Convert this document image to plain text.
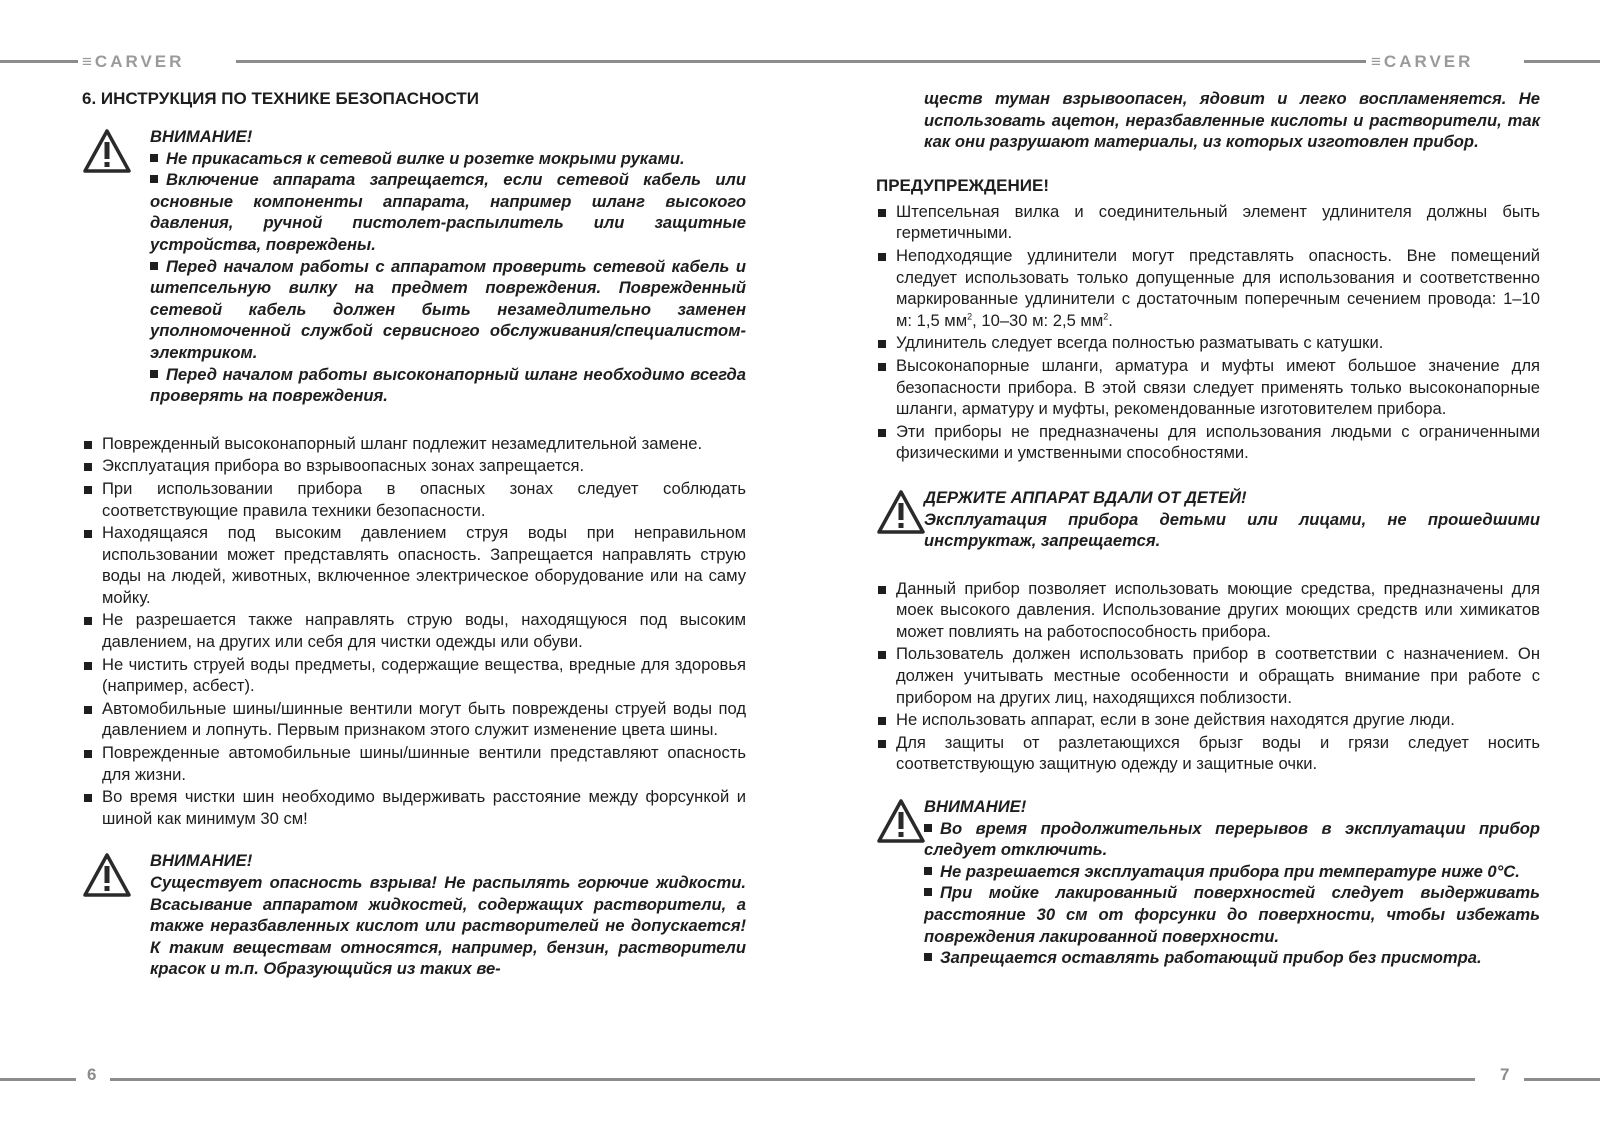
≡CARVER	≡CARVER
6	7
6. ИНСТРУКЦИЯ ПО ТЕХНИКЕ БЕЗОПАСНОСТИ

ВНИМАНИЕ!

Не прикасаться к сетевой вилке и розетке мокрыми руками.

Включение аппарата запрещается, если сетевой кабель или основные компоненты аппарата, например шланг высокого давления, ручной пистолет-распылитель или защитные устройства, повреждены.

Перед началом работы с аппаратом проверить сетевой кабель и штепсельную вилку на предмет повреждения. Поврежденный сетевой кабель должен быть незамедлительно заменен уполномоченной службой сервисного обслуживания/специалистом-электриком.

Перед началом работы высоконапорный шланг необходимо всегда проверять на повреждения.

Поврежденный высоконапорный шланг подлежит незамедлительной замене.
Эксплуатация прибора во взрывоопасных зонах запрещается.
При использовании прибора в опасных зонах следует соблюдать соответствующие правила техники безопасности.
Находящаяся под высоким давлением струя воды при неправильном использовании может представлять опасность. Запрещается направлять струю воды на людей, животных, включенное электрическое оборудование или на саму мойку.
Не разрешается также направлять струю воды, находящуюся под высоким давлением, на других или себя для чистки одежды или обуви.
Не чистить струей воды предметы, содержащие вещества, вредные для здоровья (например, асбест).
Автомобильные шины/шинные вентили могут быть повреждены струей воды под давлением и лопнуть. Первым признаком этого служит изменение цвета шины.
Поврежденные автомобильные шины/шинные вентили представляют опасность для жизни.
Во время чистки шин необходимо выдерживать расстояние между форсункой и шиной как минимум 30 см!

ВНИМАНИЕ!

Существует опасность взрыва! Не распылять горючие жидкости. Всасывание аппаратом жидкостей, содержащих растворители, а также неразбавленных кислот или растворителей не допускается! К таким веществам относятся, например, бензин, растворители красок и т.п. Образующийся из таких ве-

ществ туман взрывоопасен, ядовит и легко воспламеняется. Не использовать ацетон, неразбавленные кислоты и растворители, так как они разрушают материалы, из которых изготовлен прибор.

ПРЕДУПРЕЖДЕНИЕ!
Штепсельная вилка и соединительный элемент удлинителя должны быть герметичными.
Неподходящие удлинители могут представлять опасность. Вне помещений следует использовать только допущенные для использования и соответственно маркированные удлинители с достаточным поперечным сечением провода: 1–10 м: 1,5 $мм^2$, 10–30 м: 2,5 $мм^2$.
Удлинитель следует всегда полностью разматывать с катушки.
Высоконапорные шланги, арматура и муфты имеют большое значение для безопасности прибора. В этой связи следует применять только высоконапорные шланги, арматуру и муфты, рекомендованные изготовителем прибора.
Эти приборы не предназначены для использования людьми с ограниченными физическими и умственными способностями.

ДЕРЖИТЕ АППАРАТ ВДАЛИ ОТ ДЕТЕЙ!

Эксплуатация прибора детьми или лицами, не прошедшими инструктаж, запрещается.

Данный прибор позволяет использовать моющие средства, предназначены для моек высокого давления. Использование других моющих средств или химикатов может повлиять на работоспособность прибора.
Пользователь должен использовать прибор в соответствии с назначением. Он должен учитывать местные особенности и обращать внимание при работе с прибором на других лиц, находящихся поблизости.
Не использовать аппарат, если в зоне действия находятся другие люди.
Для защиты от разлетающихся брызг воды и грязи следует носить соответствующую защитную одежду и защитные очки.

ВНИМАНИЕ!

Во время продолжительных перерывов в эксплуатации прибор следует отключить.

Не разрешается эксплуатация прибора при температуре ниже 0°С.

При мойке лакированный поверхностей следует выдерживать расстояние 30 см от форсунки до поверхности, чтобы избежать повреждения лакированной поверхности.

Запрещается оставлять работающий прибор без присмотра.
